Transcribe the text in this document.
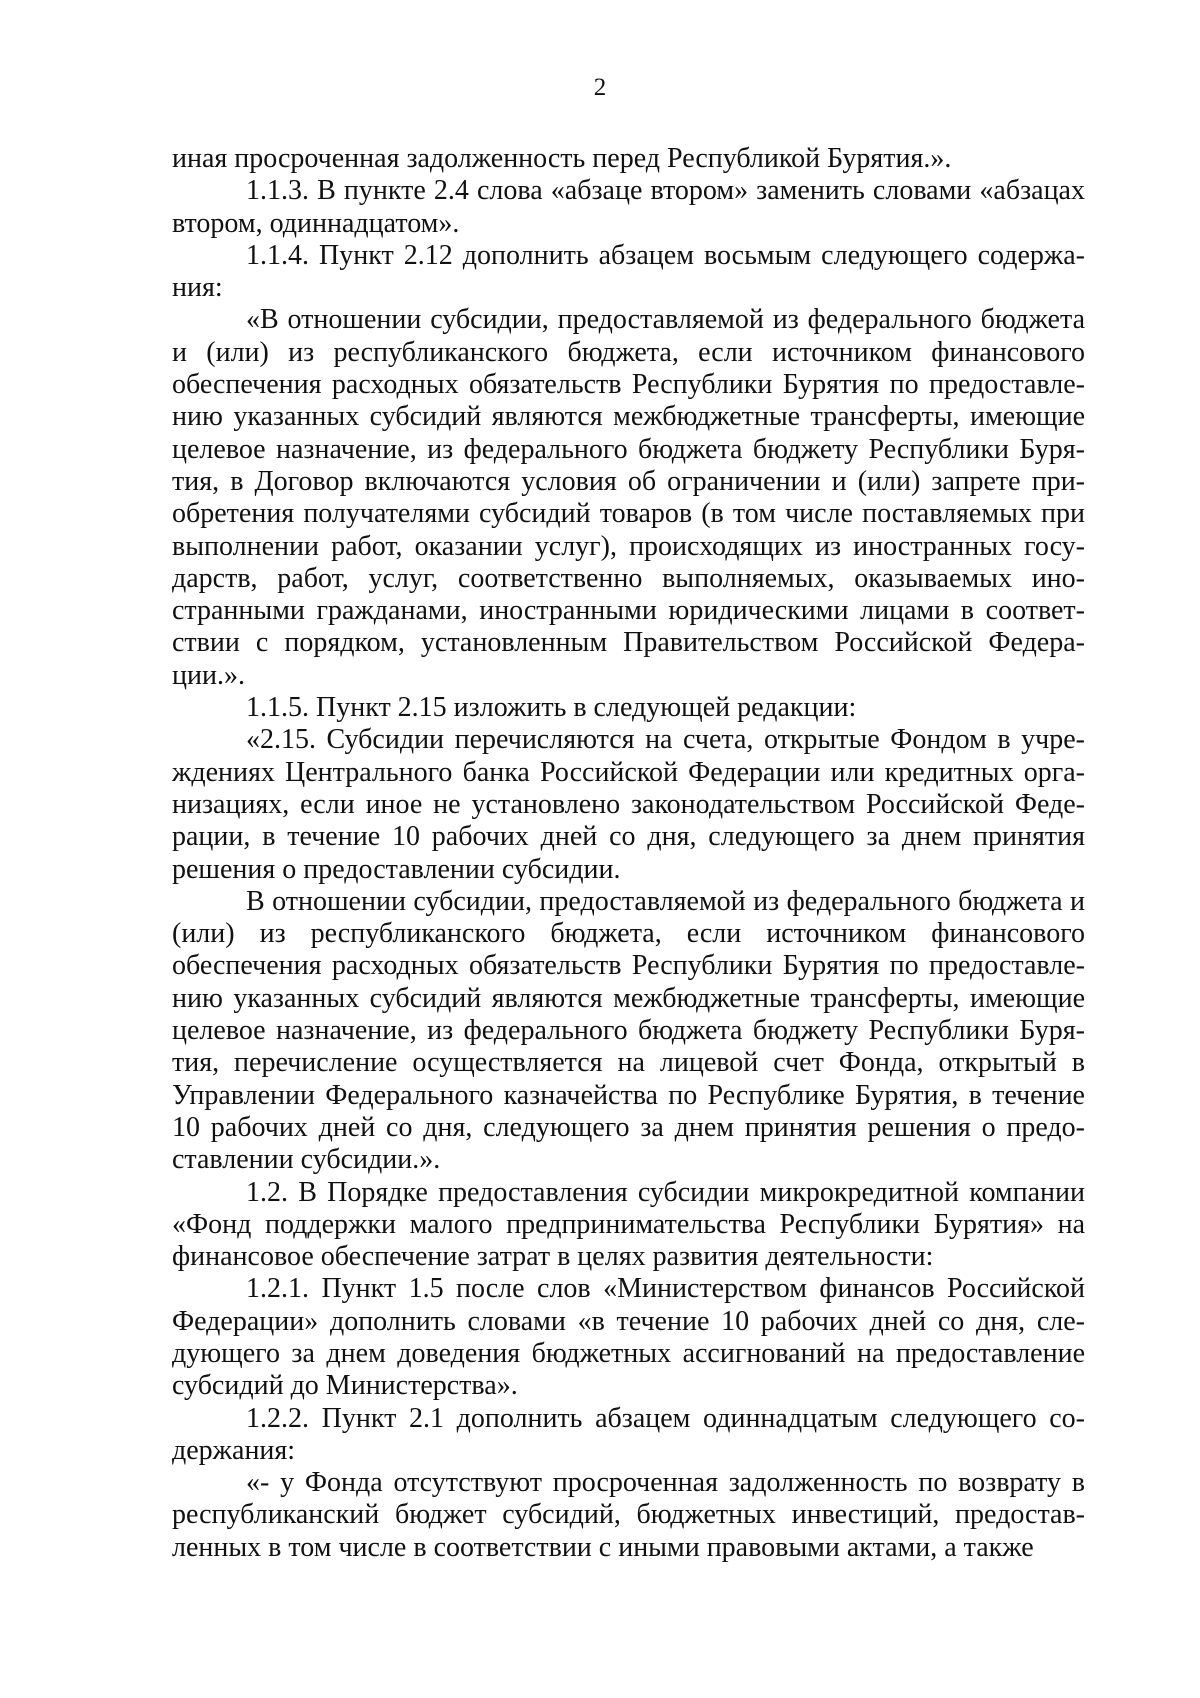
2

иная просроченная задолженность перед Республикой Бурятия.».

1.1.3. В пункте 2.4 слова «абзаце втором» заменить словами «абзацах втором, одиннадцатом».

1.1.4. Пункт 2.12 дополнить абзацем восьмым следующего содержания:

«В отношении субсидии, предоставляемой из федерального бюджета и (или) из республиканского бюджета, если источником финансового обеспечения расходных обязательств Республики Бурятия по предоставлению указанных субсидий являются межбюджетные трансферты, имеющие целевое назначение, из федерального бюджета бюджету Республики Бурятия, в Договор включаются условия об ограничении и (или) запрете приобретения получателями субсидий товаров (в том числе поставляемых при выполнении работ, оказании услуг), происходящих из иностранных государств, работ, услуг, соответственно выполняемых, оказываемых иностранными гражданами, иностранными юридическими лицами в соответствии с порядком, установленным Правительством Российской Федерации.».

1.1.5. Пункт 2.15 изложить в следующей редакции:

«2.15. Субсидии перечисляются на счета, открытые Фондом в учреждениях Центрального банка Российской Федерации или кредитных организациях, если иное не установлено законодательством Российской Федерации, в течение 10 рабочих дней со дня, следующего за днем принятия решения о предоставлении субсидии.

В отношении субсидии, предоставляемой из федерального бюджета и (или) из республиканского бюджета, если источником финансового обеспечения расходных обязательств Республики Бурятия по предоставлению указанных субсидий являются межбюджетные трансферты, имеющие целевое назначение, из федерального бюджета бюджету Республики Бурятия, перечисление осуществляется на лицевой счет Фонда, открытый в Управлении Федерального казначейства по Республике Бурятия, в течение 10 рабочих дней со дня, следующего за днем принятия решения о предоставлении субсидии.».

1.2. В Порядке предоставления субсидии микрокредитной компании «Фонд поддержки малого предпринимательства Республики Бурятия» на финансовое обеспечение затрат в целях развития деятельности:

1.2.1. Пункт 1.5 после слов «Министерством финансов Российской Федерации» дополнить словами «в течение 10 рабочих дней со дня, следующего за днем доведения бюджетных ассигнований на предоставление субсидий до Министерства».

1.2.2. Пункт 2.1 дополнить абзацем одиннадцатым следующего содержания:

«- у Фонда отсутствуют просроченная задолженность по возврату в республиканский бюджет субсидий, бюджетных инвестиций, предоставленных в том числе в соответствии с иными правовыми актами, а также
